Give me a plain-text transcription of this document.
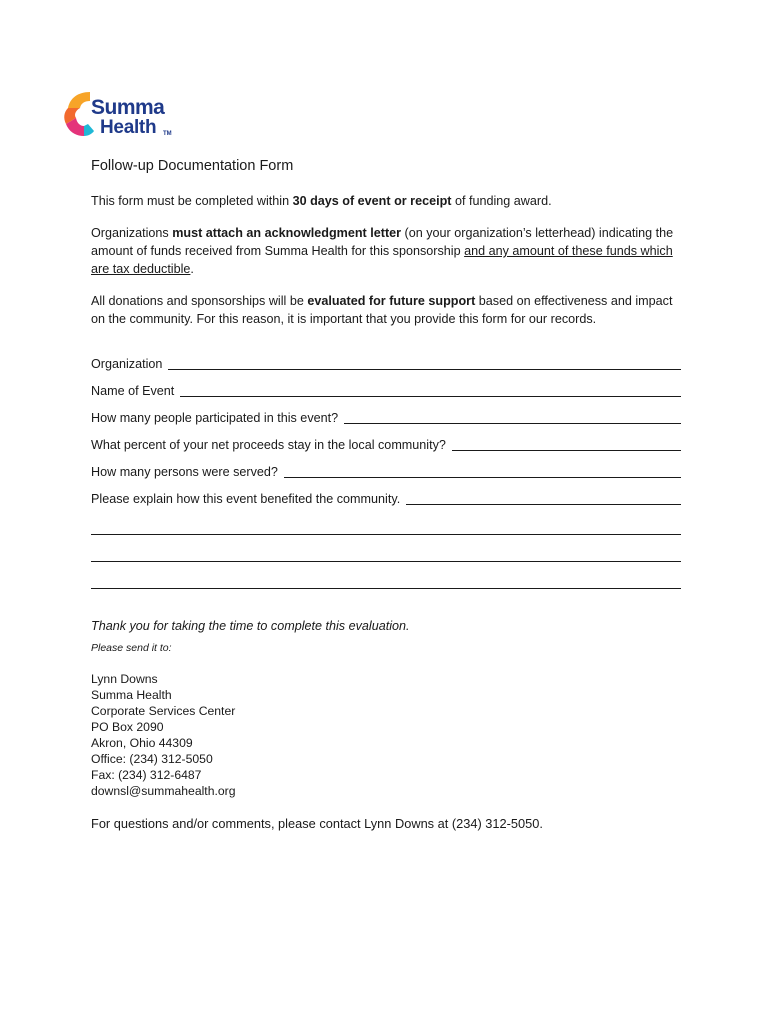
Summa
Health TM
Follow-up Documentation Form

This form must be completed within 30 days of event or receipt of funding award.

Organizations must attach an acknowledgment letter (on your organization’s letterhead) indicating the amount of funds received from Summa Health for this sponsorship and any amount of these funds which are tax deductible.

All donations and sponsorships will be evaluated for future support based on effectiveness and impact on the community. For this reason, it is important that you provide this form for our records.

Organization
Name of Event
How many people participated in this event?
What percent of your net proceeds stay in the local community?
How many persons were served?
Please explain how this event benefited the community.
Thank you for taking the time to complete this evaluation.
Please send it to:
Lynn Downs
Summa Health
Corporate Services Center
PO Box 2090
Akron, Ohio 44309
Office: (234) 312-5050
Fax: (234) 312-6487
downsl@summahealth.org
For questions and/or comments, please contact Lynn Downs at (234) 312-5050.
